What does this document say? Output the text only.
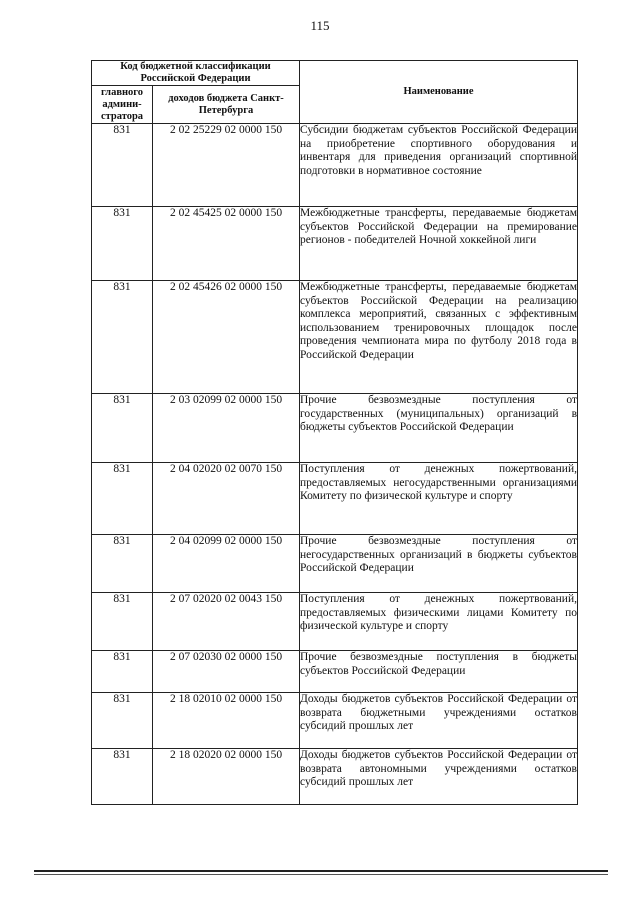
115
Код бюджетной классификации Российской Федерации		Наименование
главного админи-стратора	доходов бюджета Санкт-Петербурга	
831	2 02 25229 02 0000 150	Субсидии бюджетам субъектов Российской Федерации на приобретение спортивного оборудования и инвентаря для приведения организаций спортивной подготовки в нормативное состояние
831	2 02 45425 02 0000 150	Межбюджетные трансферты, передаваемые бюджетам субъектов Российской Федерации на премирование регионов - победителей Ночной хоккейной лиги
831	2 02 45426 02 0000 150	Межбюджетные трансферты, передаваемые бюджетам субъектов Российской Федерации на реализацию комплекса мероприятий, связанных с эффективным использованием тренировочных площадок после проведения чемпионата мира по футболу 2018 года в Российской Федерации
831	2 03 02099 02 0000 150	Прочие безвозмездные поступления от государственных (муниципальных) организаций в бюджеты субъектов Российской Федерации
831	2 04 02020 02 0070 150	Поступления от денежных пожертвований, предоставляемых негосударственными организациями Комитету по физической культуре и спорту
831	2 04 02099 02 0000 150	Прочие безвозмездные поступления от негосударственных организаций в бюджеты субъектов Российской Федерации
831	2 07 02020 02 0043 150	Поступления от денежных пожертвований, предоставляемых физическими лицами Комитету по физической культуре и спорту
831	2 07 02030 02 0000 150	Прочие безвозмездные поступления в бюджеты субъектов Российской Федерации
831	2 18 02010 02 0000 150	Доходы бюджетов субъектов Российской Федерации от возврата бюджетными учреждениями остатков субсидий прошлых лет
831	2 18 02020 02 0000 150	Доходы бюджетов субъектов Российской Федерации от возврата автономными учреждениями остатков субсидий прошлых лет
